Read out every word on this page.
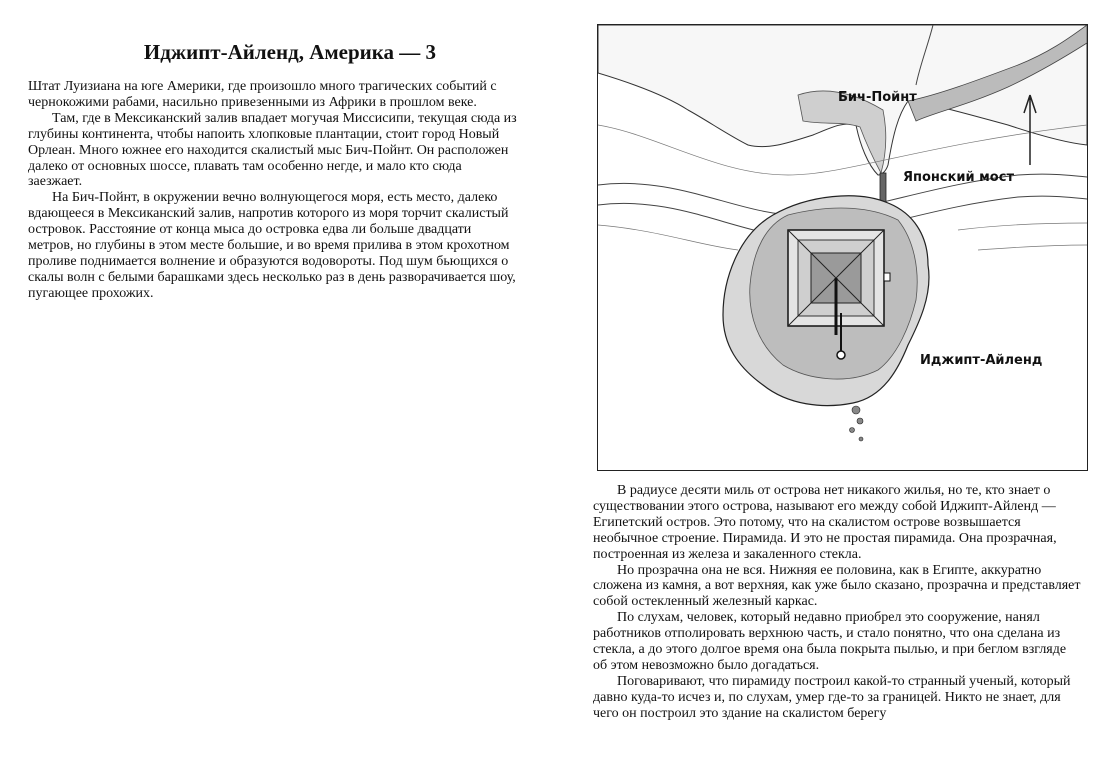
Иджипт-Айленд, Америка — 3

Штат Луизиана на юге Америки, где произошло много трагических событий с чернокожими рабами, насильно привезенными из Африки в прошлом веке.

Там, где в Мексиканский залив впадает могучая Миссисипи, текущая сюда из глубины континента, чтобы напоить хлопковые плантации, стоит город Новый Орлеан. Много южнее его находится скалистый мыс Бич-Пойнт. Он расположен далеко от основных шоссе, плавать там особенно негде, и мало кто сюда заезжает.

На Бич-Пойнт, в окружении вечно волнующегося моря, есть место, далеко вдающееся в Мексиканский залив, напротив которого из моря торчит скалистый островок. Расстояние от конца мыса до островка едва ли больше двадцати метров, но глубины в этом месте большие, и во время прилива в этом крохотном проливе поднимается волнение и образуются водовороты. Под шум бьющихся о скалы волн с белыми барашками здесь несколько раз в день разворачивается шоу, пугающее прохожих.

Бич-Пойнт
Японский мост
Иджипт-Айленд

В радиусе десяти миль от острова нет никакого жилья, но те, кто знает о существовании этого острова, называют его между собой Иджипт-Айленд — Египетский остров. Это потому, что на скалистом острове возвышается необычное строение. Пирамида. И это не простая пирамида. Она прозрачная, построенная из железа и закаленного стекла.

Но прозрачна она не вся. Нижняя ее половина, как в Египте, аккуратно сложена из камня, а вот верхняя, как уже было сказано, прозрачна и представляет собой остекленный железный каркас.

По слухам, человек, который недавно приобрел это сооружение, нанял работников отполировать верхнюю часть, и стало понятно, что она сделана из стекла, а до этого долгое время она была покрыта пылью, и при беглом взгляде об этом невозможно было догадаться.

Поговаривают, что пирамиду построил какой-то странный ученый, который давно куда-то исчез и, по слухам, умер где-то за границей. Никто не знает, для чего он построил это здание на скалистом берегу
